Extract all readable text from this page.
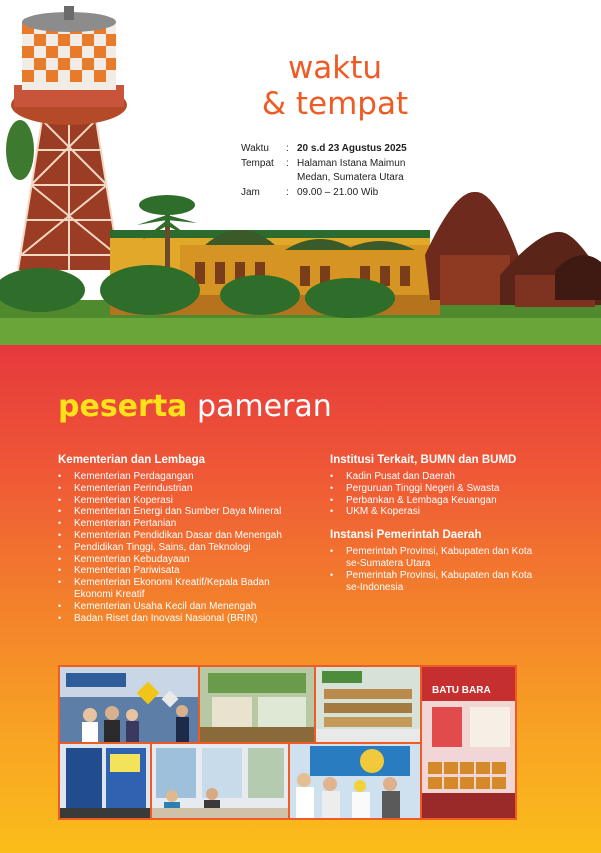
waktu
& tempat
Waktu	: 20 s.d 23 Agustus 2025
Tempat	: Halaman Istana Maimun
Medan, Sumatera Utara
Jam	: 09.00 – 21.00 Wib
peserta pameran
Kementerian dan Lembaga
• Kementerian Perdagangan
• Kementerian Perindustrian
• Kementerian Koperasi
• Kementerian Energi dan Sumber Daya Mineral
• Kementerian Pertanian
• Kementerian Pendidikan Dasar dan Menengah
• Pendidikan Tinggi, Sains, dan Teknologi
• Kementerian Kebudayaan
• Kementerian Pariwisata
• Kementerian Ekonomi Kreatif/Kepala Badan
Ekonomi Kreatif
• Kementerian Usaha Kecil dan Menengah
• Badan Riset dan Inovasi Nasional (BRIN)
Institusi Terkait, BUMN dan BUMD
• Kadin Pusat dan Daerah
• Perguruan Tinggi Negeri & Swasta
• Perbankan & Lembaga Keuangan
• UKM & Koperasi
Instansi Pemerintah Daerah
• Pemerintah Provinsi, Kabupaten dan Kota
se-Sumatera Utara
• Pemerintah Provinsi, Kabupaten dan Kota
se-Indonesia
BATU BARA
